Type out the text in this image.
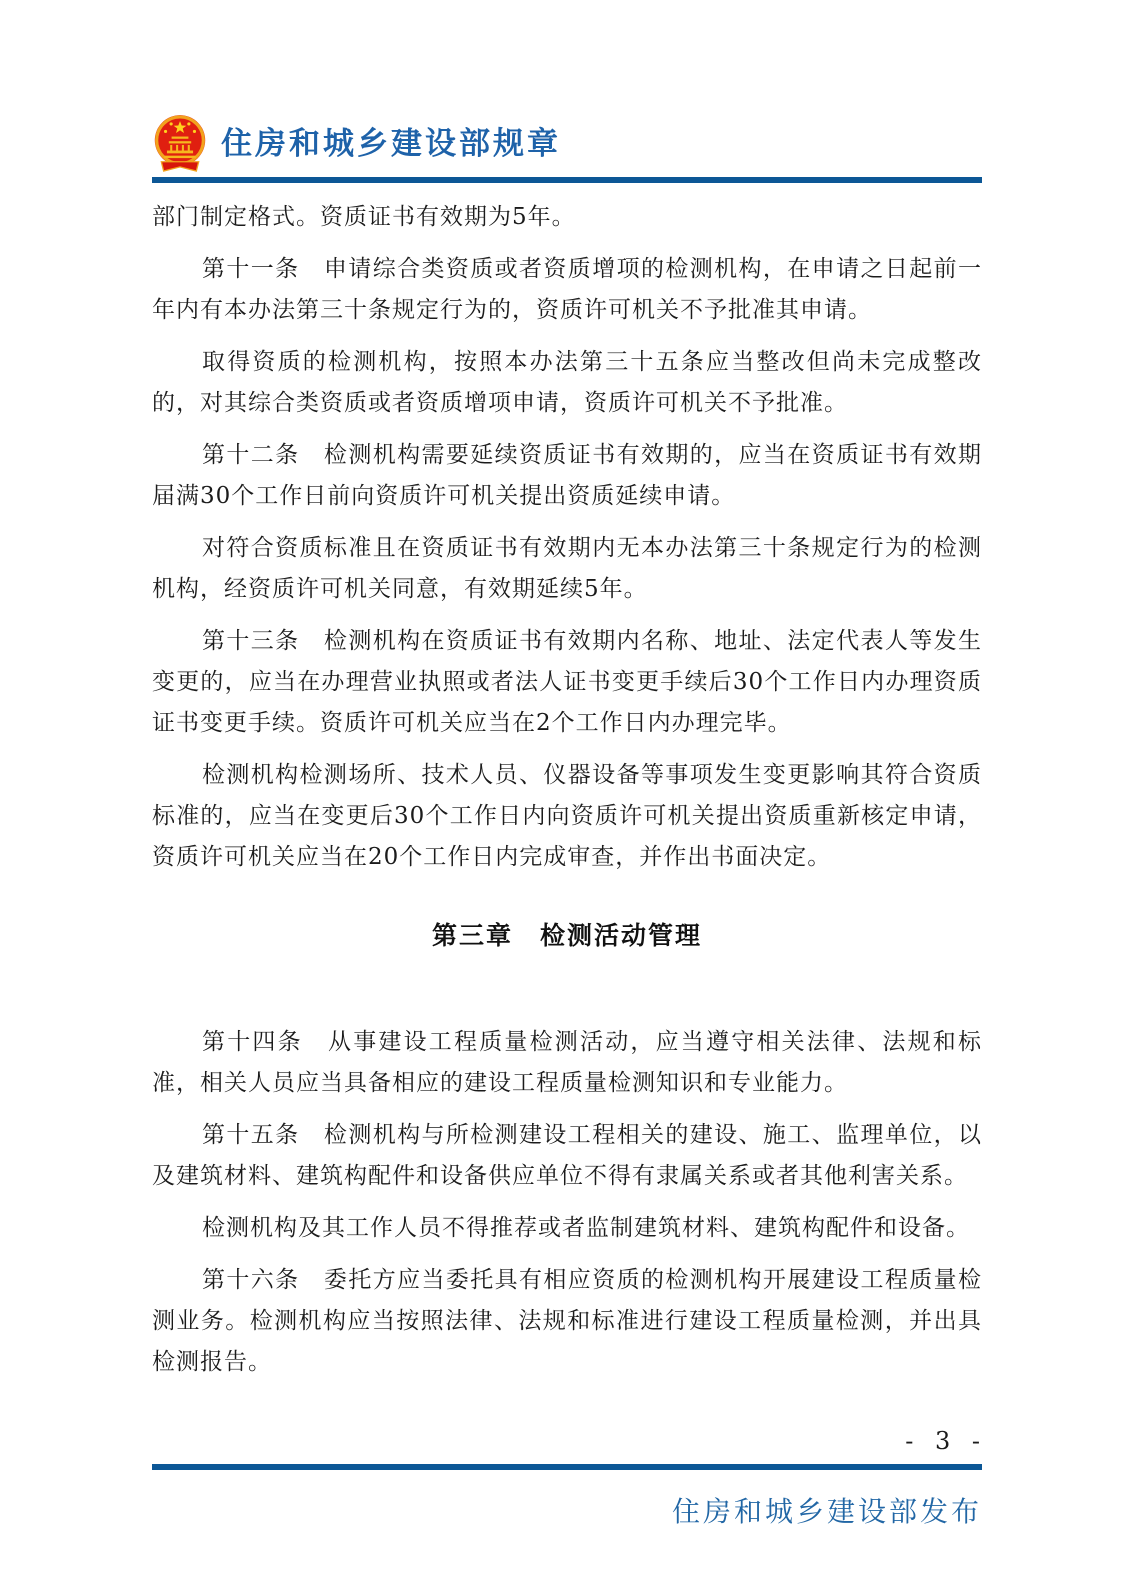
住房和城乡建设部规章

部门制定格式。资质证书有效期为5年。

第十一条　申请综合类资质或者资质增项的检测机构，在申请之日起前一年内有本办法第三十条规定行为的，资质许可机关不予批准其申请。

取得资质的检测机构，按照本办法第三十五条应当整改但尚未完成整改的，对其综合类资质或者资质增项申请，资质许可机关不予批准。

第十二条　检测机构需要延续资质证书有效期的，应当在资质证书有效期届满30个工作日前向资质许可机关提出资质延续申请。

对符合资质标准且在资质证书有效期内无本办法第三十条规定行为的检测机构，经资质许可机关同意，有效期延续5年。

第十三条　检测机构在资质证书有效期内名称、地址、法定代表人等发生变更的，应当在办理营业执照或者法人证书变更手续后30个工作日内办理资质证书变更手续。资质许可机关应当在2个工作日内办理完毕。

检测机构检测场所、技术人员、仪器设备等事项发生变更影响其符合资质标准的，应当在变更后30个工作日内向资质许可机关提出资质重新核定申请，资质许可机关应当在20个工作日内完成审查，并作出书面决定。

第三章　检测活动管理

第十四条　从事建设工程质量检测活动，应当遵守相关法律、法规和标准，相关人员应当具备相应的建设工程质量检测知识和专业能力。

第十五条　检测机构与所检测建设工程相关的建设、施工、监理单位，以及建筑材料、建筑构配件和设备供应单位不得有隶属关系或者其他利害关系。

检测机构及其工作人员不得推荐或者监制建筑材料、建筑构配件和设备。

第十六条　委托方应当委托具有相应资质的检测机构开展建设工程质量检测业务。检测机构应当按照法律、法规和标准进行建设工程质量检测，并出具检测报告。

- 3 -
住房和城乡建设部发布
